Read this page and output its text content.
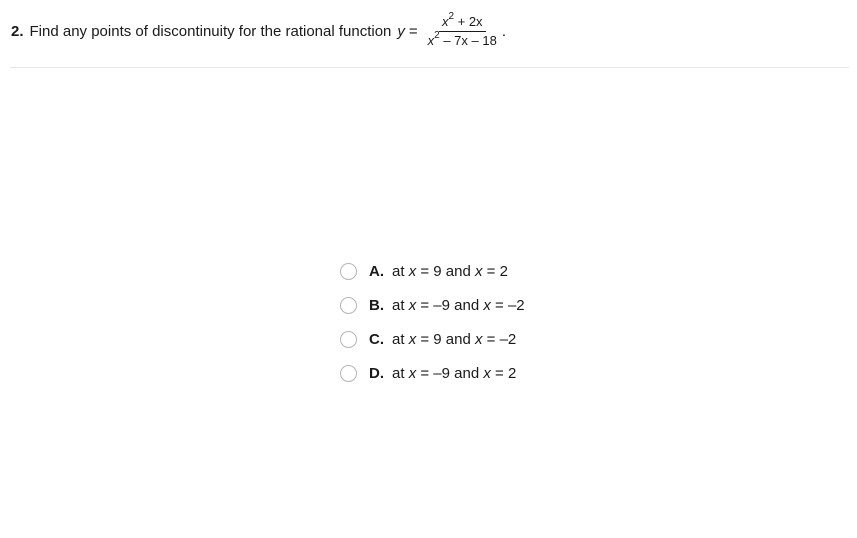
2. Find any points of discontinuity for the rational function $y = \frac{x^2 + 2x}{x^2 - 7x - 18}$ .
A. at x = 9 and x = 2
B. at x = –9 and x = –2
C. at x = 9 and x = –2
D. at x = –9 and x = 2
